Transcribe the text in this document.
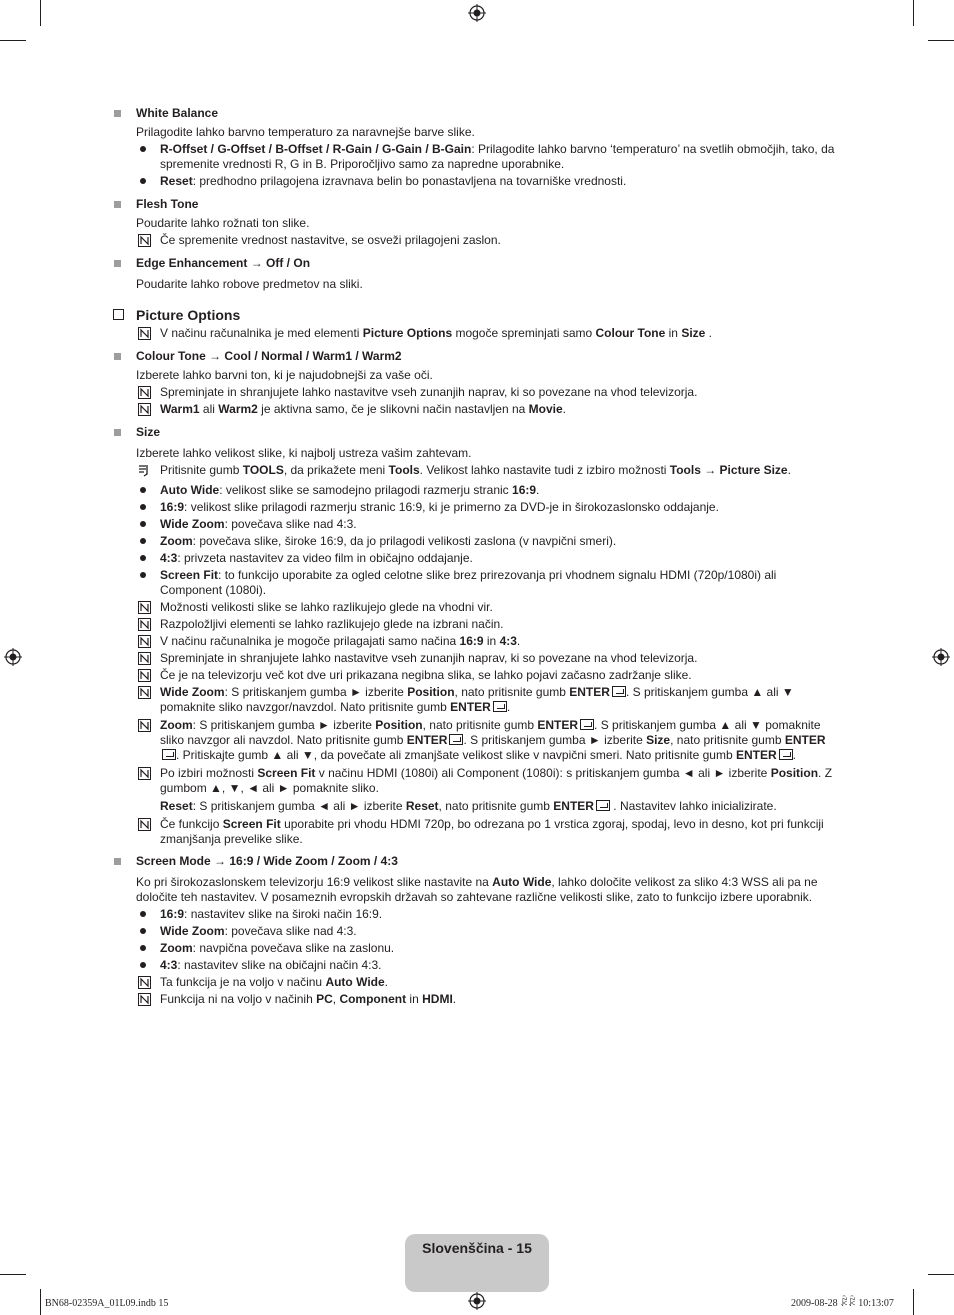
White Balance
Prilagodite lahko barvno temperaturo za naravnejše barve slike.
R-Offset / G-Offset / B-Offset / R-Gain / G-Gain / B-Gain: Prilagodite lahko barvno ‘temperaturo’ na svetlih območjih, tako, da spremenite vrednosti R, G in B. Priporočljivo samo za napredne uporabnike.
Reset: predhodno prilagojena izravnava belin bo ponastavljena na tovarniške vrednosti.
Flesh Tone
Poudarite lahko rožnati ton slike.
Če spremenite vrednost nastavitve, se osveži prilagojeni zaslon.
Edge Enhancement → Off / On
Poudarite lahko robove predmetov na sliki.
Picture Options
V načinu računalnika je med elementi Picture Options mogoče spreminjati samo Colour Tone in Size .
Colour Tone → Cool / Normal / Warm1 / Warm2
Izberete lahko barvni ton, ki je najudobnejši za vaše oči.
Spreminjate in shranjujete lahko nastavitve vseh zunanjih naprav, ki so povezane na vhod televizorja.
Warm1 ali Warm2 je aktivna samo, če je slikovni način nastavljen na Movie.
Size
Izberete lahko velikost slike, ki najbolj ustreza vašim zahtevam.
Pritisnite gumb TOOLS, da prikažete meni Tools. Velikost lahko nastavite tudi z izbiro možnosti Tools → Picture Size.
Auto Wide: velikost slike se samodejno prilagodi razmerju stranic 16:9.
16:9: velikost slike prilagodi razmerju stranic 16:9, ki je primerno za DVD-je in širokozaslonsko oddajanje.
Wide Zoom: povečava slike nad 4:3.
Zoom: povečava slike, široke 16:9, da jo prilagodi velikosti zaslona (v navpični smeri).
4:3: privzeta nastavitev za video film in običajno oddajanje.
Screen Fit: to funkcijo uporabite za ogled celotne slike brez prirezovanja pri vhodnem signalu HDMI (720p/1080i) ali Component (1080i).
Možnosti velikosti slike se lahko razlikujejo glede na vhodni vir.
Razpoložljivi elementi se lahko razlikujejo glede na izbrani način.
V načinu računalnika je mogoče prilagajati samo načina 16:9 in 4:3.
Spreminjate in shranjujete lahko nastavitve vseh zunanjih naprav, ki so povezane na vhod televizorja.
Če je na televizorju več kot dve uri prikazana negibna slika, se lahko pojavi začasno zadržanje slike.
Wide Zoom: S pritiskanjem gumba ► izberite Position, nato pritisnite gumb ENTER . S pritiskanjem gumba ▲ ali ▼ pomaknite sliko navzgor/navzdol. Nato pritisnite gumb ENTER .
Zoom: S pritiskanjem gumba ► izberite Position, nato pritisnite gumb ENTER . S pritiskanjem gumba ▲ ali ▼ pomaknite sliko navzgor ali navzdol. Nato pritisnite gumb ENTER . S pritiskanjem gumba ► izberite Size, nato pritisnite gumb ENTER. Pritiskajte gumb ▲ ali ▼, da povečate ali zmanjšate velikost slike v navpični smeri. Nato pritisnite gumb ENTER .
Po izbiri možnosti Screen Fit v načinu HDMI (1080i) ali Component (1080i): s pritiskanjem gumba ◄ ali ► izberite Position. Z gumbom ▲, ▼, ◄ ali ► pomaknite sliko.
Reset: S pritiskanjem gumba ◄ ali ► izberite Reset, nato pritisnite gumb ENTER . Nastavitev lahko inicializirate.
Če funkcijo Screen Fit uporabite pri vhodu HDMI 720p, bo odrezana po 1 vrstica zgoraj, spodaj, levo in desno, kot pri funkciji zmanjšanja prevelike slike.
Screen Mode → 16:9 / Wide Zoom / Zoom / 4:3
Ko pri širokozaslonskem televizorju 16:9 velikost slike nastavite na Auto Wide, lahko določite velikost za sliko 4:3 WSS ali pa ne določite teh nastavitev. V posameznih evropskih državah so zahtevane različne velikosti slike, zato to funkcijo izbere uporabnik.
16:9: nastavitev slike na široki način 16:9.
Wide Zoom: povečava slike nad 4:3.
Zoom: navpična povečava slike na zaslonu.
4:3: nastavitev slike na običajni način 4:3.
Ta funkcija je na voljo v načinu Auto Wide.
Funkcija ni na voljo v načinih PC, Component in HDMI.
Slovenščina - 15
BN68-02359A_01L09.indb 15	2009-08-28 ꂯꂯ 10:13:07
